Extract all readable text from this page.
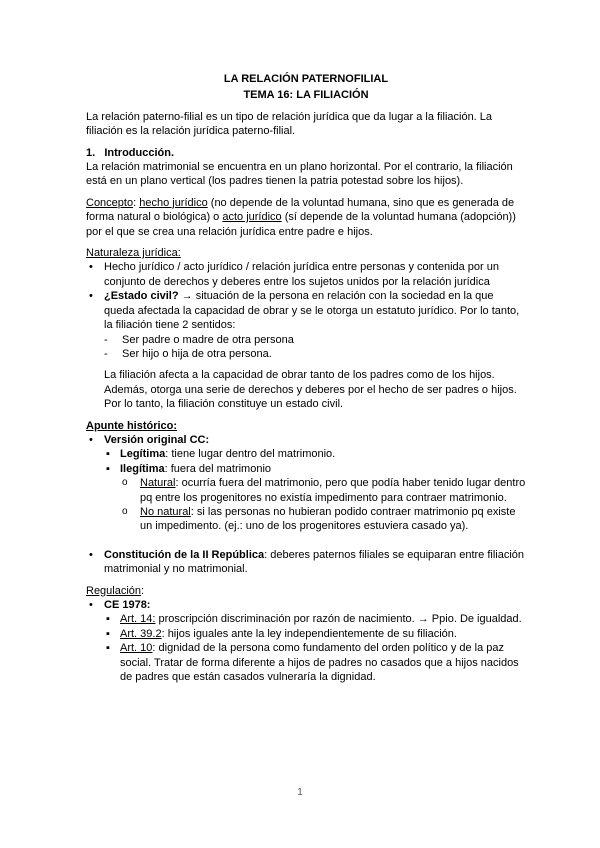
LA RELACIÓN PATERNOFILIAL

TEMA 16: LA FILIACIÓN

La relación paterno-filial es un tipo de relación jurídica que da lugar a la filiación. La filiación es la relación jurídica paterno-filial.

1. Introducción.

La relación matrimonial se encuentra en un plano horizontal. Por el contrario, la filiación está en un plano vertical (los padres tienen la patria potestad sobre los hijos).

Concepto: hecho jurídico (no depende de la voluntad humana, sino que es generada de forma natural o biológica) o acto jurídico (sí depende de la voluntad humana (adopción)) por el que se crea una relación jurídica entre padre e hijos.

Naturaleza jurídica:

• Hecho jurídico / acto jurídico / relación jurídica entre personas y contenida por un conjunto de derechos y deberes entre los sujetos unidos por la relación jurídica
• ¿Estado civil? → situación de la persona en relación con la sociedad en la que queda afectada la capacidad de obrar y se le otorga un estatuto jurídico. Por lo tanto, la filiación tiene 2 sentidos:
- Ser padre o madre de otra persona
- Ser hijo o hija de otra persona.

La filiación afecta a la capacidad de obrar tanto de los padres como de los hijos. Además, otorga una serie de derechos y deberes por el hecho de ser padres o hijos. Por lo tanto, la filiación constituye un estado civil.

Apunte histórico:

• Versión original CC:
▪ Legítima: tiene lugar dentro del matrimonio.
▪ Ilegítima: fuera del matrimonio
o Natural: ocurría fuera del matrimonio, pero que podía haber tenido lugar dentro pq entre los progenitores no existía impedimento para contraer matrimonio.
o No natural: si las personas no hubieran podido contraer matrimonio pq existe un impedimento. (ej.: uno de los progenitores estuviera casado ya).
• Constitución de la II República: deberes paternos filiales se equiparan entre filiación matrimonial y no matrimonial.

Regulación:

• CE 1978:
▪ Art. 14: proscripción discriminación por razón de nacimiento. → Ppio. De igualdad.
▪ Art. 39.2: hijos iguales ante la ley independientemente de su filiación.
▪ Art. 10: dignidad de la persona como fundamento del orden político y de la paz social. Tratar de forma diferente a hijos de padres no casados que a hijos nacidos de padres que están casados vulneraría la dignidad.
1
